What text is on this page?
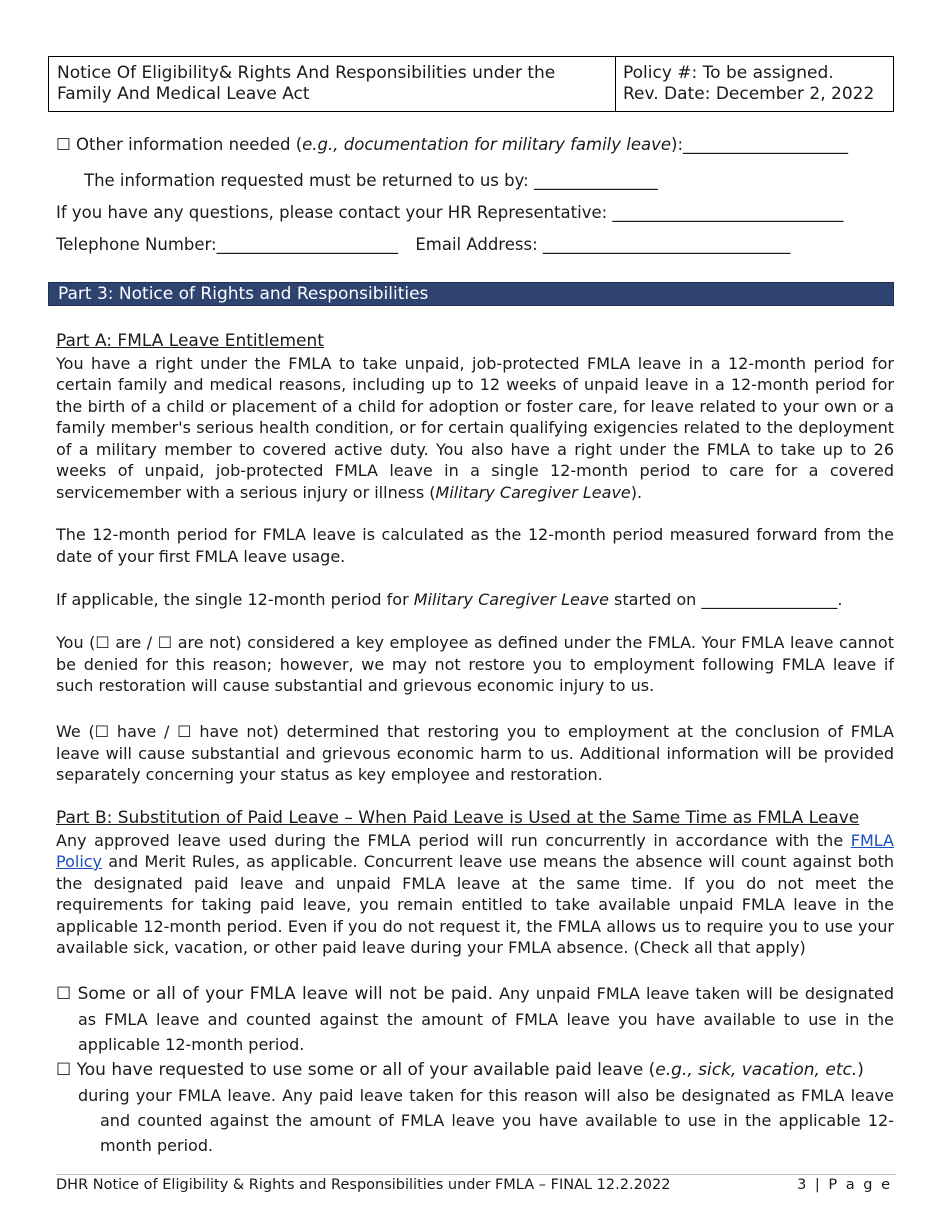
Notice Of Eligibility& Rights And Responsibilities under the Family And Medical Leave Act
Policy #: To be assigned.
Rev. Date: December 2, 2022
☐ Other information needed (e.g., documentation for military family leave):____________________
The information requested must be returned to us by: _______________
If you have any questions, please contact your HR Representative: ____________________________
Telephone Number:______________________ Email Address: ______________________________
Part 3: Notice of Rights and Responsibilities
Part A: FMLA Leave Entitlement
You have a right under the FMLA to take unpaid, job-protected FMLA leave in a 12-month period for certain family and medical reasons, including up to 12 weeks of unpaid leave in a 12-month period for the birth of a child or placement of a child for adoption or foster care, for leave related to your own or a family member's serious health condition, or for certain qualifying exigencies related to the deployment of a military member to covered active duty. You also have a right under the FMLA to take up to 26 weeks of unpaid, job-protected FMLA leave in a single 12-month period to care for a covered servicemember with a serious injury or illness (Military Caregiver Leave).
The 12-month period for FMLA leave is calculated as the 12-month period measured forward from the date of your first FMLA leave usage.
If applicable, the single 12-month period for Military Caregiver Leave started on _________________.
You (☐ are / ☐ are not) considered a key employee as defined under the FMLA. Your FMLA leave cannot be denied for this reason; however, we may not restore you to employment following FMLA leave if such restoration will cause substantial and grievous economic injury to us.
We (☐ have / ☐ have not) determined that restoring you to employment at the conclusion of FMLA leave will cause substantial and grievous economic harm to us. Additional information will be provided separately concerning your status as key employee and restoration.
Part B: Substitution of Paid Leave – When Paid Leave is Used at the Same Time as FMLA Leave
Any approved leave used during the FMLA period will run concurrently in accordance with the FMLA Policy and Merit Rules, as applicable. Concurrent leave use means the absence will count against both the designated paid leave and unpaid FMLA leave at the same time. If you do not meet the requirements for taking paid leave, you remain entitled to take available unpaid FMLA leave in the applicable 12-month period. Even if you do not request it, the FMLA allows us to require you to use your available sick, vacation, or other paid leave during your FMLA absence. (Check all that apply)
☐ Some or all of your FMLA leave will not be paid. Any unpaid FMLA leave taken will be designated as FMLA leave and counted against the amount of FMLA leave you have available to use in the applicable 12-month period.
☐ You have requested to use some or all of your available paid leave (e.g., sick, vacation, etc.)
during your FMLA leave. Any paid leave taken for this reason will also be designated as FMLA leave and counted against the amount of FMLA leave you have available to use in the applicable 12-month period.
DHR Notice of Eligibility & Rights and Responsibilities under FMLA – FINAL 12.2.2022	3 | P a g e
